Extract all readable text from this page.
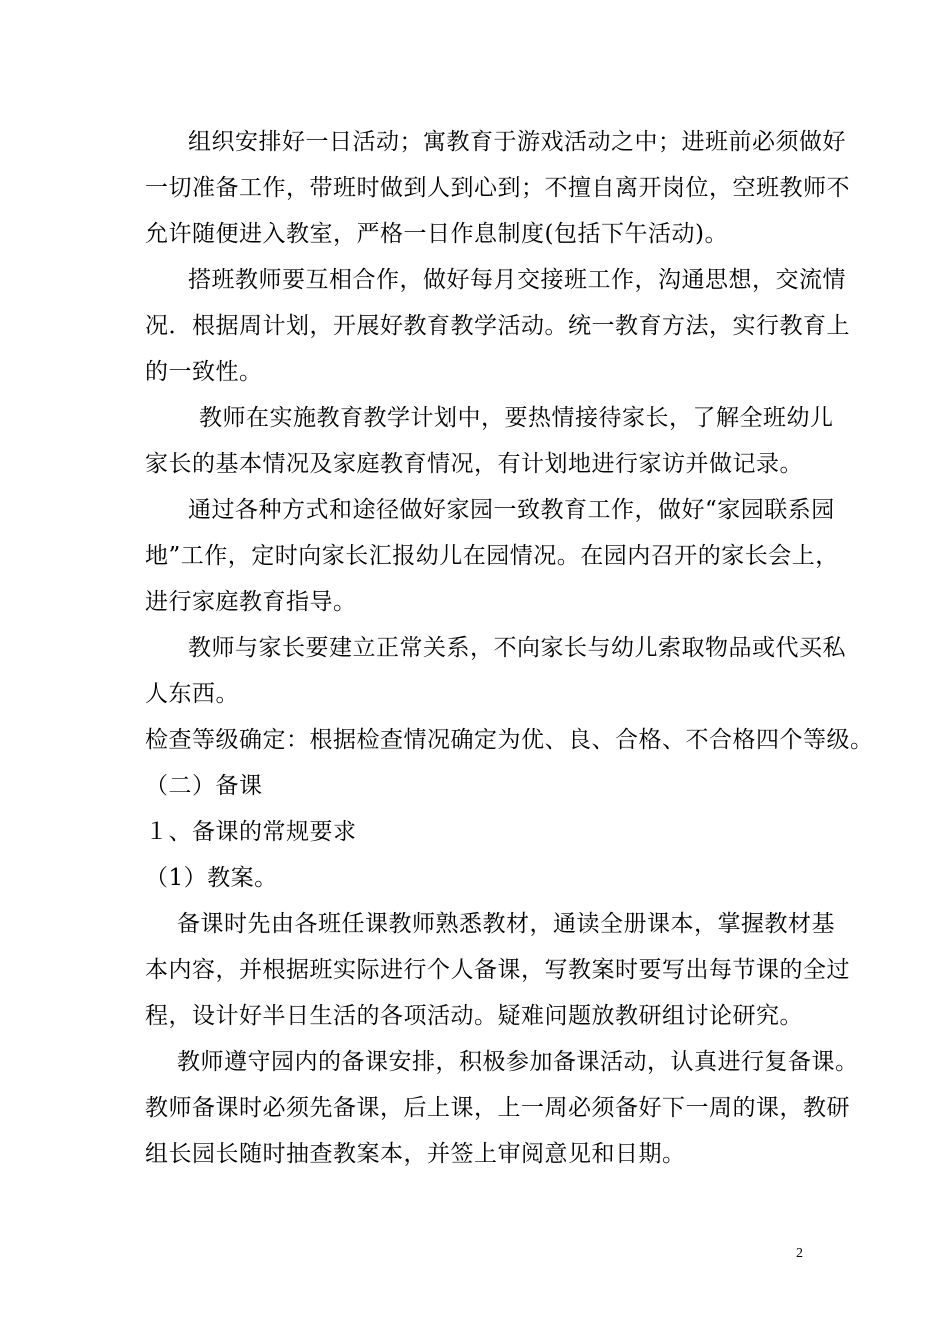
组织安排好一日活动；寓教育于游戏活动之中；进班前必须做好
一切准备工作，带班时做到人到心到；不擅自离开岗位，空班教师不
允许随便进入教室，严格一日作息制度(包括下午活动)。
搭班教师要互相合作，做好每月交接班工作，沟通思想，交流情
况．根据周计划，开展好教育教学活动。统一教育方法，实行教育上
的一致性。
教师在实施教育教学计划中，要热情接待家长，了解全班幼儿
家长的基本情况及家庭教育情况，有计划地进行家访并做记录。
通过各种方式和途径做好家园一致教育工作，做好“家园联系园
地”工作，定时向家长汇报幼儿在园情况。在园内召开的家长会上，
进行家庭教育指导。
教师与家长要建立正常关系，不向家长与幼儿索取物品或代买私
人东西。
检查等级确定：根据检查情况确定为优、良、合格、不合格四个等级。
（二）备课
１、备课的常规要求
（1）教案。
备课时先由各班任课教师熟悉教材，通读全册课本，掌握教材基
本内容，并根据班实际进行个人备课，写教案时要写出每节课的全过
程，设计好半日生活的各项活动。疑难问题放教研组讨论研究。
教师遵守园内的备课安排，积极参加备课活动，认真进行复备课。
教师备课时必须先备课，后上课，上一周必须备好下一周的课，教研
组长园长随时抽查教案本，并签上审阅意见和日期。
2
